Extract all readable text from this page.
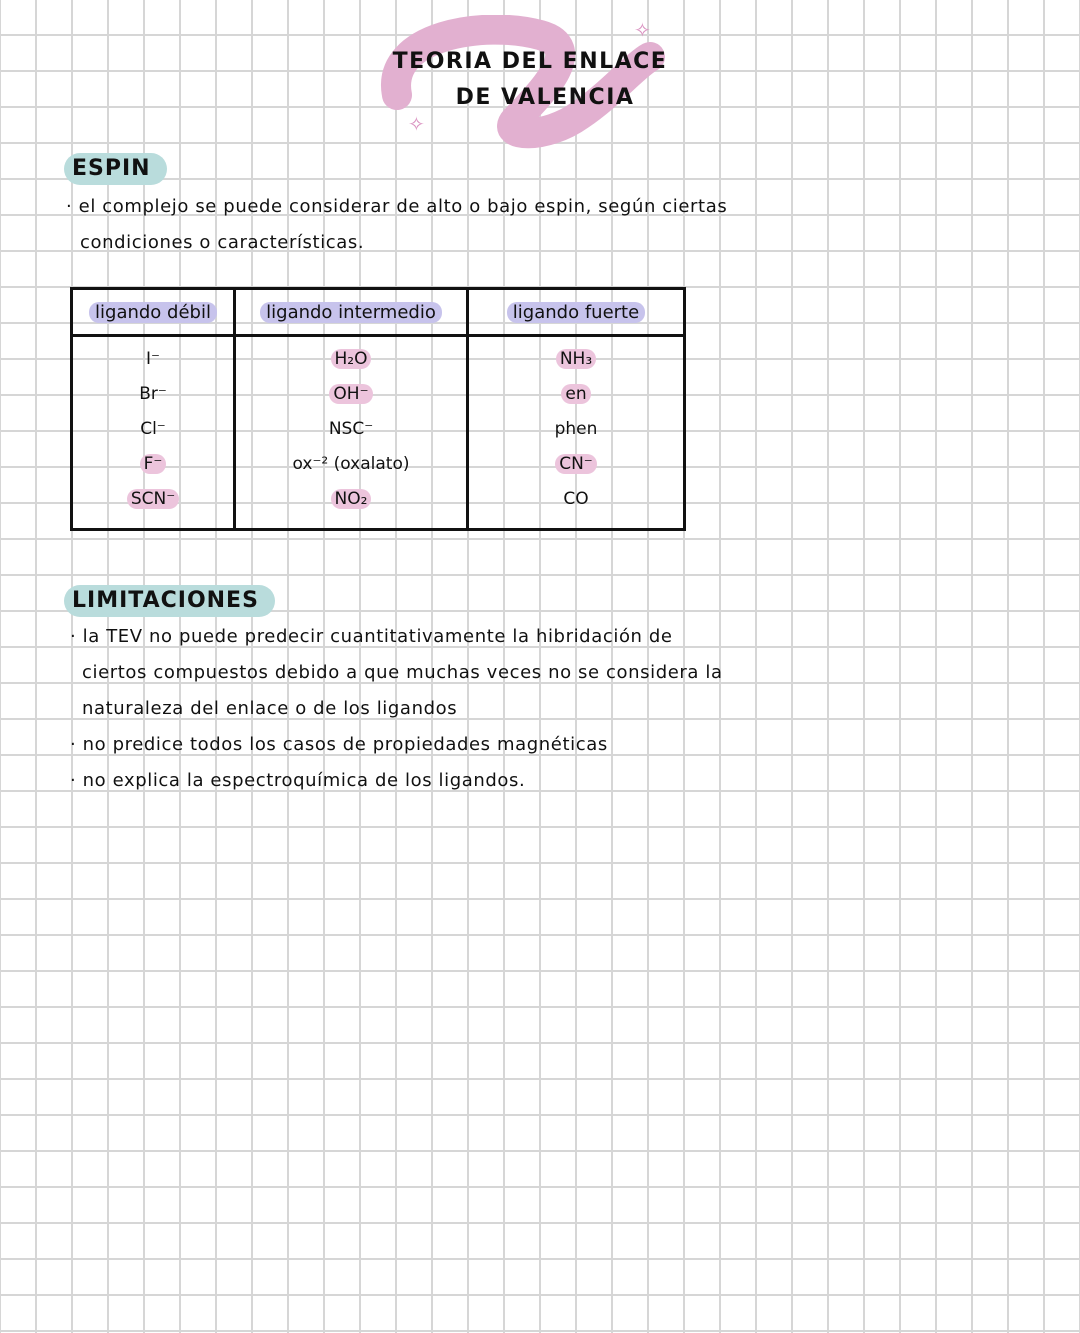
✧
✧
TEORIA DEL ENLACE
DE VALENCIA
ESPIN
· el complejo se puede considerar de alto o bajo espin, según ciertas
condiciones o características.
ligando débil	ligando intermedio	ligando fuerte
I⁻	H₂O	NH₃
Br⁻	OH⁻	en
Cl⁻	NSC⁻	phen
F⁻	ox⁻² (oxalato)	CN⁻
SCN⁻	NO₂	CO
LIMITACIONES
· la TEV no puede predecir cuantitativamente la hibridación de
ciertos compuestos debido a que muchas veces no se considera la
naturaleza del enlace o de los ligandos
· no predice todos los casos de propiedades magnéticas
· no explica la espectroquímica de los ligandos.
